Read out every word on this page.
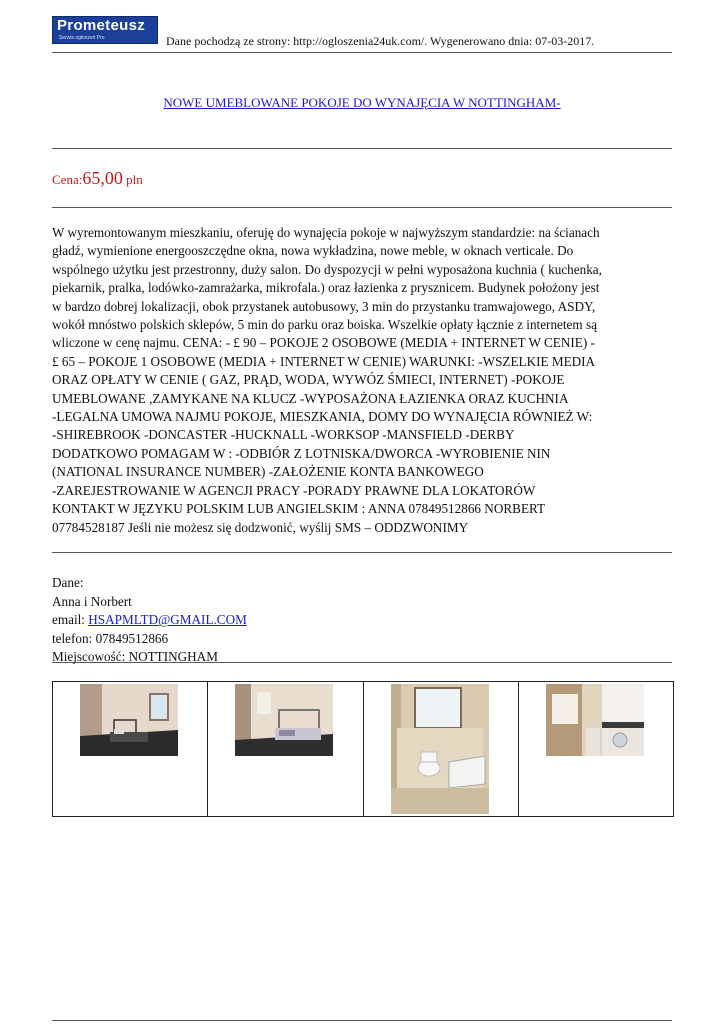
Prometeusz
Serwis ogłoszeń Pro	Dane pochodzą ze strony: http://ogloszenia24uk.com/. Wygenerowano dnia: 07-03-2017.
NOWE UMEBLOWANE POKOJE DO WYNAJĘCIA W NOTTINGHAM-
Cena:65,00 pln
W wyremontowanym mieszkaniu, oferuję do wynajęcia pokoje w najwyższym standardzie: na ścianach
gładź, wymienione energooszczędne okna, nowa wykładzina, nowe meble, w oknach verticale. Do
wspólnego użytku jest przestronny, duży salon. Do dyspozycji w pełni wyposażona kuchnia ( kuchenka,
piekarnik, pralka, lodówko-zamrażarka, mikrofala.) oraz łazienka z prysznicem. Budynek położony jest
w bardzo dobrej lokalizacji, obok przystanek autobusowy, 3 min do przystanku tramwajowego, ASDY,
wokół mnóstwo polskich sklepów, 5 min do parku oraz boiska. Wszelkie opłaty łącznie z internetem są
wliczone w cenę najmu. CENA: - £ 90 – POKOJE 2 OSOBOWE (MEDIA + INTERNET W CENIE) -
£ 65 – POKOJE 1 OSOBOWE (MEDIA + INTERNET W CENIE) WARUNKI: -WSZELKIE MEDIA
ORAZ OPŁATY W CENIE ( GAZ, PRĄD, WODA, WYWÓZ ŚMIECI, INTERNET) -POKOJE
UMEBLOWANE ,ZAMYKANE NA KLUCZ -WYPOSAŻONA ŁAZIENKA ORAZ KUCHNIA
-LEGALNA UMOWA NAJMU POKOJE, MIESZKANIA, DOMY DO WYNAJĘCIA RÓWNIEŻ W:
-SHIREBROOK -DONCASTER -HUCKNALL -WORKSOP -MANSFIELD -DERBY
DODATKOWO POMAGAM W : -ODBIÓR Z LOTNISKA/DWORCA -WYROBIENIE NIN
(NATIONAL INSURANCE NUMBER) -ZAŁOŻENIE KONTA BANKOWEGO
-ZAREJESTROWANIE W AGENCJI PRACY -PORADY PRAWNE DLA LOKATORÓW
KONTAKT W JĘZYKU POLSKIM LUB ANGIELSKIM : ANNA 07849512866 NORBERT
07784528187 Jeśli nie możesz się dodzwonić, wyślij SMS – ODDZWONIMY
Dane:
Anna i Norbert
email: HSAPMLTD@GMAIL.COM
telefon: 07849512866
Miejscowość: NOTTINGHAM
